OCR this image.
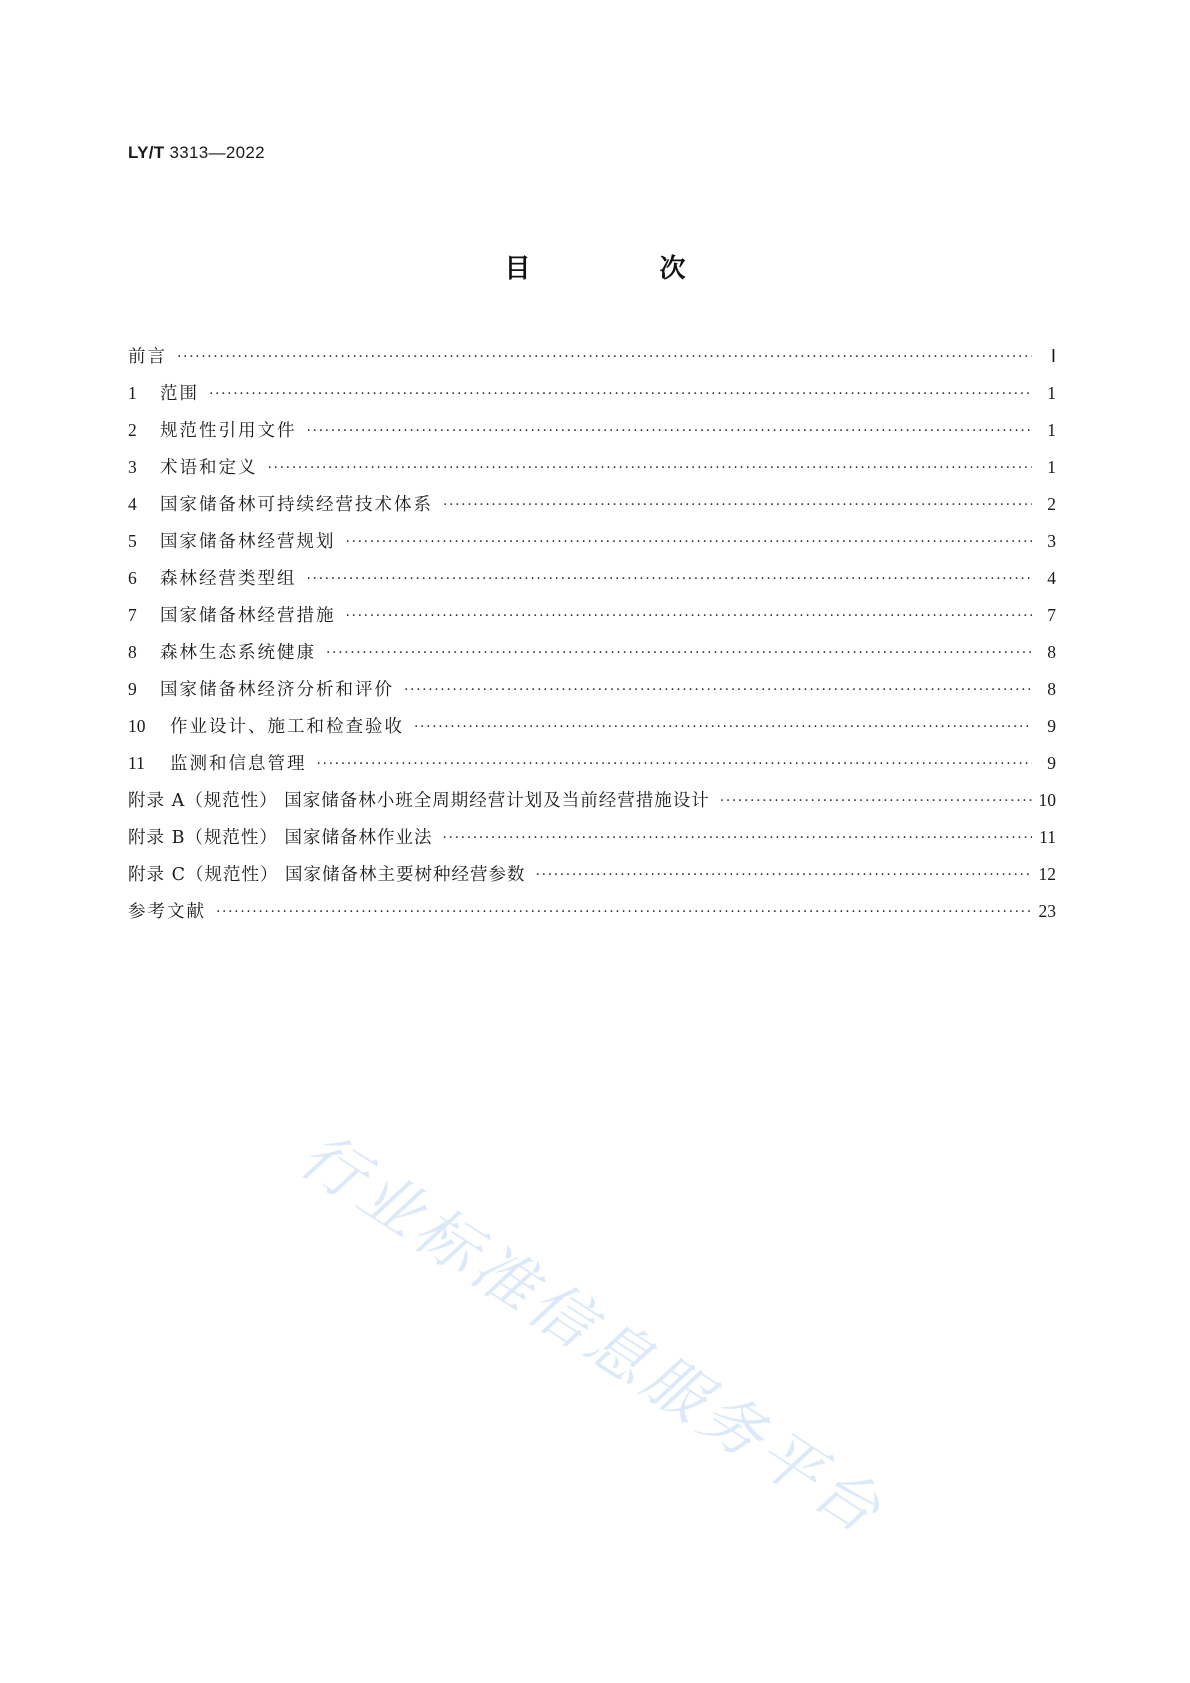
LY/T 3313—2022
目 次
前言 ·····	Ⅰ
1	范围 ·····	1
2	规范性引用文件 ·····	1
3	术语和定义 ·····	1
4	国家储备林可持续经营技术体系 ·····	2
5	国家储备林经营规划 ·····	3
6	森林经营类型组 ·····	4
7	国家储备林经营措施 ·····	7
8	森林生态系统健康 ·····	8
9	国家储备林经济分析和评价 ·····	8
10	作业设计、施工和检查验收 ·····	9
11	监测和信息管理 ·····	9
附录 A（规范性） 国家储备林小班全周期经营计划及当前经营措施设计 ·····	10
附录 B（规范性） 国家储备林作业法 ·····	11
附录 C（规范性） 国家储备林主要树种经营参数 ·····	12
参考文献 ·····	23
行业标准信息服务平台
